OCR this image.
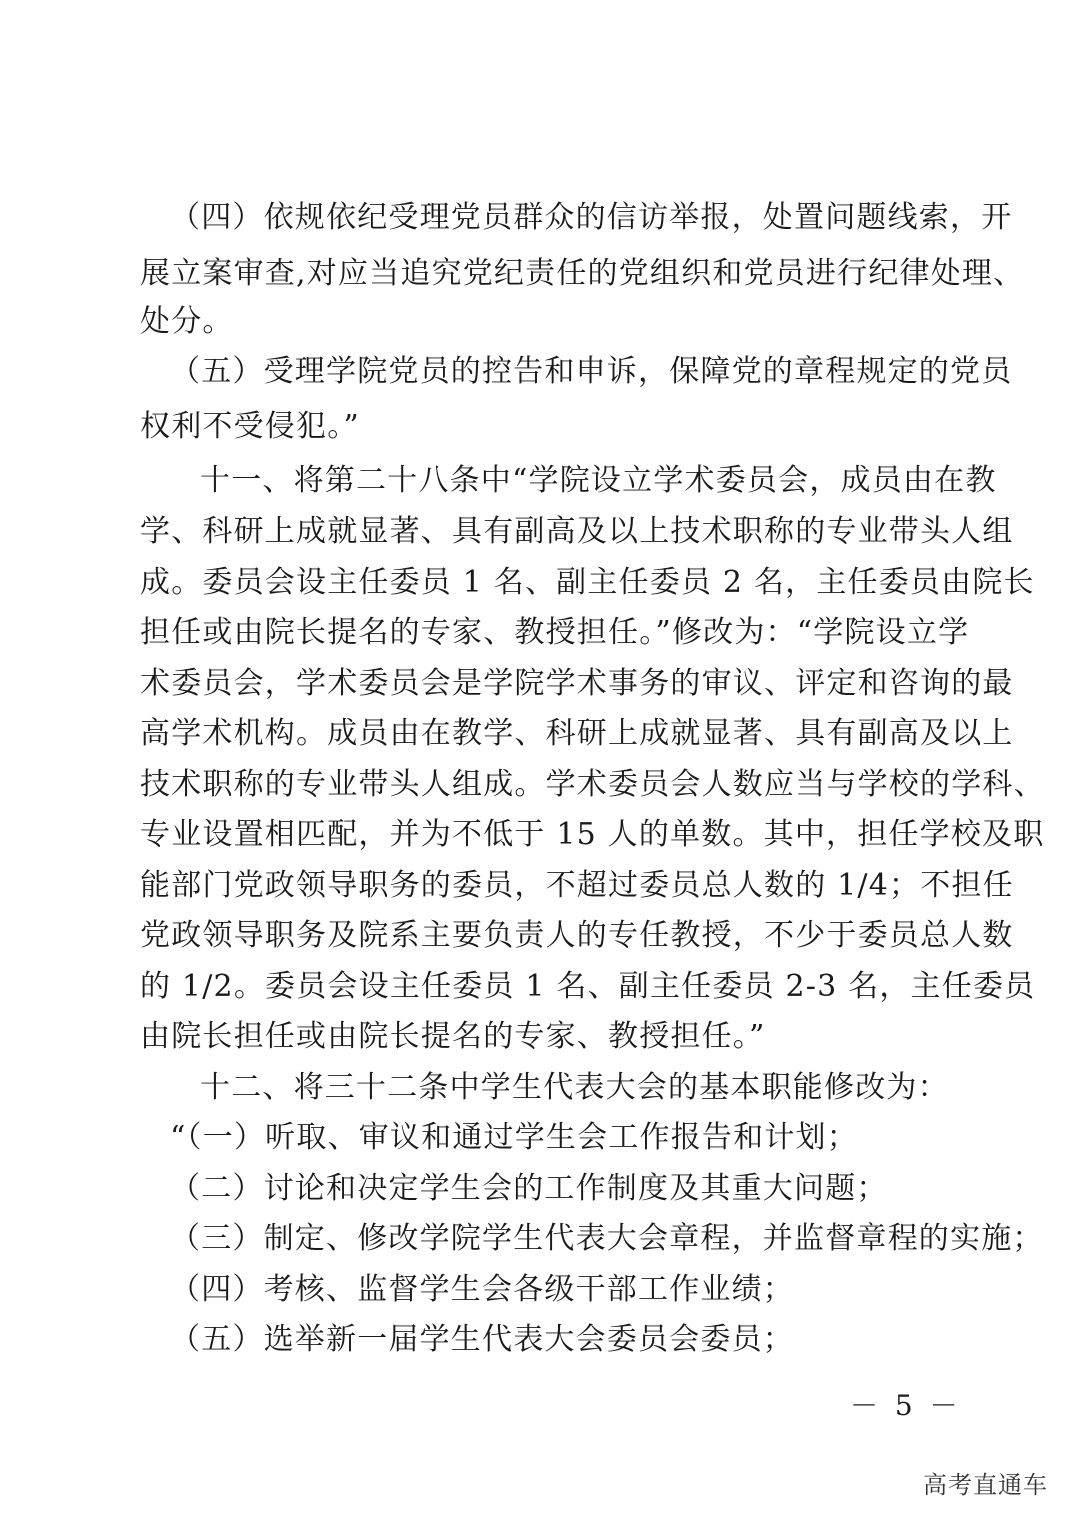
（四）依规依纪受理党员群众的信访举报，处置问题线索，开
展立案审查,对应当追究党纪责任的党组织和党员进行纪律处理、
处分。
（五）受理学院党员的控告和申诉，保障党的章程规定的党员
权利不受侵犯。”
十一、将第二十八条中“学院设立学术委员会，成员由在教
学、科研上成就显著、具有副高及以上技术职称的专业带头人组
成。委员会设主任委员 1 名、副主任委员 2 名，主任委员由院长
担任或由院长提名的专家、教授担任。”修改为：“学院设立学
术委员会，学术委员会是学院学术事务的审议、评定和咨询的最
高学术机构。成员由在教学、科研上成就显著、具有副高及以上
技术职称的专业带头人组成。学术委员会人数应当与学校的学科、
专业设置相匹配，并为不低于 15 人的单数。其中，担任学校及职
能部门党政领导职务的委员，不超过委员总人数的 1/4；不担任
党政领导职务及院系主要负责人的专任教授，不少于委员总人数
的 1/2。委员会设主任委员 1 名、副主任委员 2-3 名，主任委员
由院长担任或由院长提名的专家、教授担任。”
十二、将三十二条中学生代表大会的基本职能修改为：
“（一）听取、审议和通过学生会工作报告和计划；
（二）讨论和决定学生会的工作制度及其重大问题；
（三）制定、修改学院学生代表大会章程，并监督章程的实施；
（四）考核、监督学生会各级干部工作业绩；
（五）选举新一届学生代表大会委员会委员；
－ 5 －
高考直通车
